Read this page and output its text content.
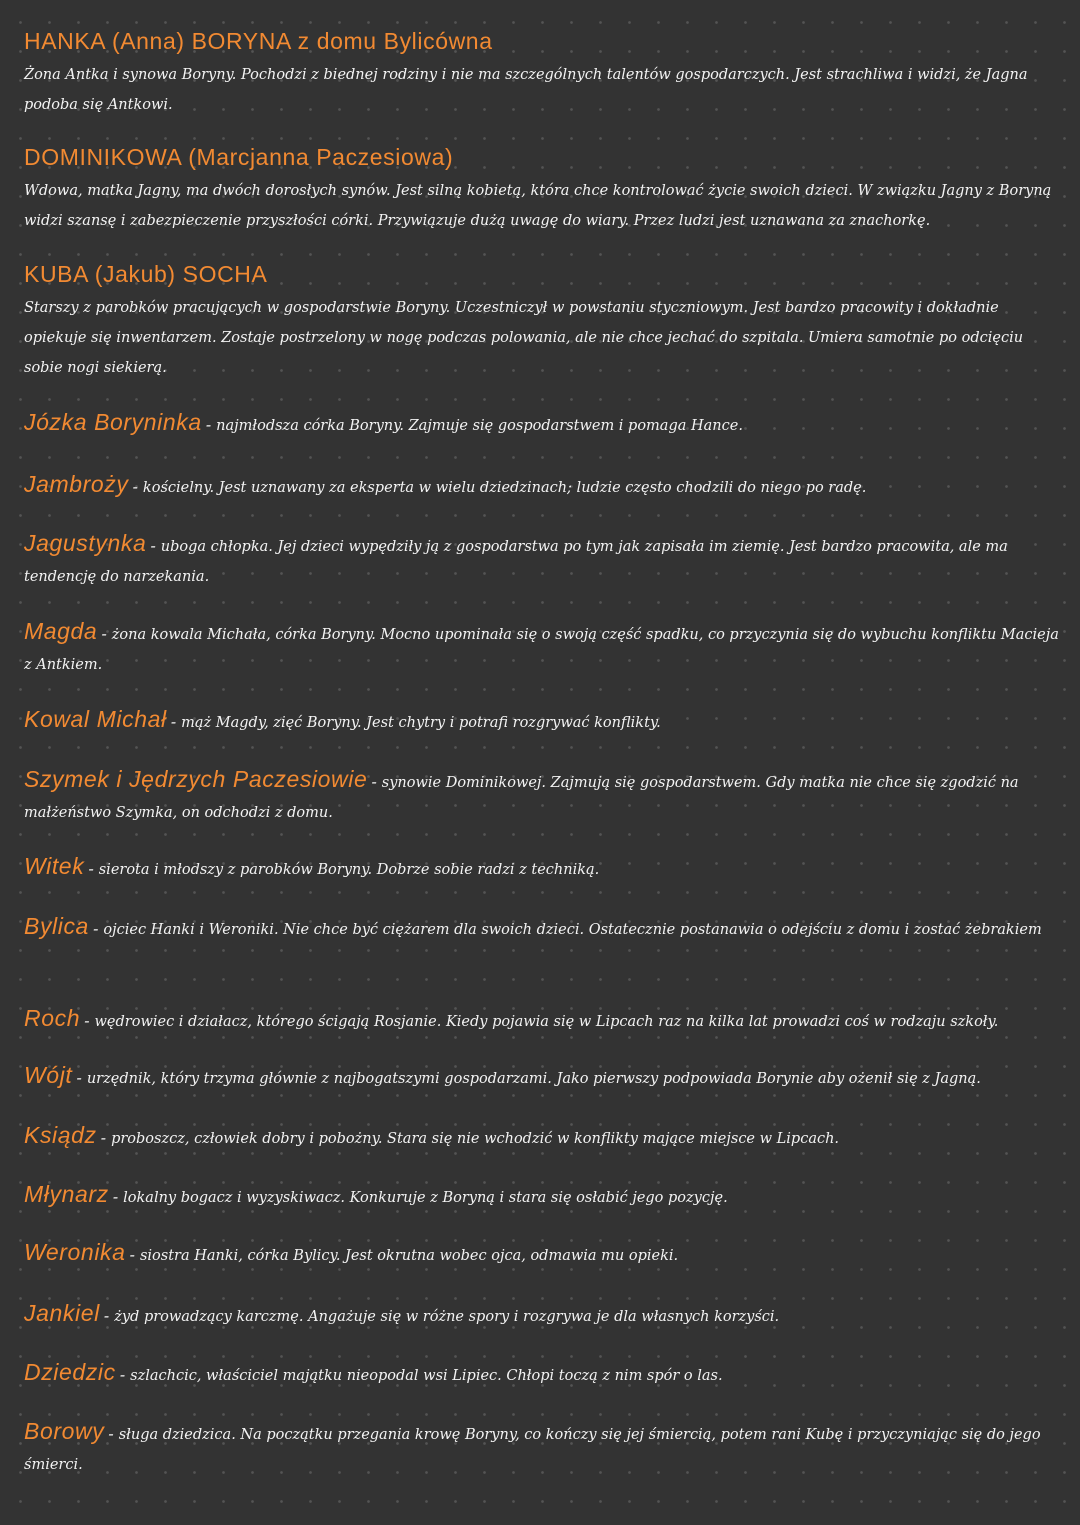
HANKA (Anna) BORYNA z domu Bylicówna
Żona Antka i synowa Boryny. Pochodzi z biednej rodziny i nie ma szczególnych talentów gospodarczych. Jest strachliwa i widzi, że Jagna podoba się Antkowi.
DOMINIKOWA (Marcjanna Paczesiowa)
Wdowa, matka Jagny, ma dwóch dorosłych synów. Jest silną kobietą, która chce kontrolować życie swoich dzieci. W związku Jagny z Boryną widzi szansę i zabezpieczenie przyszłości córki. Przywiązuje dużą uwagę do wiary. Przez ludzi jest uznawana za znachorkę.
KUBA (Jakub) SOCHA
Starszy z parobków pracujących w gospodarstwie Boryny. Uczestniczył w powstaniu styczniowym. Jest bardzo pracowity i dokładnie opiekuje się inwentarzem. Zostaje postrzelony w nogę podczas polowania, ale nie chce jechać do szpitala. Umiera samotnie po odcięciu sobie nogi siekierą.
Józka Boryninka - najmłodsza córka Boryny. Zajmuje się gospodarstwem i pomaga Hance.
Jambroży - kościelny. Jest uznawany za eksperta w wielu dziedzinach; ludzie często chodzili do niego po radę.
Jagustynka - uboga chłopka. Jej dzieci wypędziły ją z gospodarstwa po tym jak zapisała im ziemię. Jest bardzo pracowita, ale ma tendencję do narzekania.
Magda - żona kowala Michała, córka Boryny. Mocno upominała się o swoją część spadku, co przyczynia się do wybuchu konfliktu Macieja z Antkiem.
Kowal Michał - mąż Magdy, zięć Boryny. Jest chytry i potrafi rozgrywać konflikty.
Szymek i Jędrzych Paczesiowie - synowie Dominikowej. Zajmują się gospodarstwem. Gdy matka nie chce się zgodzić na małżeństwo Szymka, on odchodzi z domu.
Witek - sierota i młodszy z parobków Boryny. Dobrze sobie radzi z techniką.
Bylica - ojciec Hanki i Weroniki. Nie chce być ciężarem dla swoich dzieci. Ostatecznie postanawia o odejściu z domu i zostać żebrakiem
Roch - wędrowiec i działacz, którego ścigają Rosjanie. Kiedy pojawia się w Lipcach raz na kilka lat prowadzi coś w rodzaju szkoły.
Wójt - urzędnik, który trzyma głównie z najbogatszymi gospodarzami. Jako pierwszy podpowiada Borynie aby ożenił się z Jagną.
Ksiądz - proboszcz, człowiek dobry i pobożny. Stara się nie wchodzić w konflikty mające miejsce w Lipcach.
Młynarz - lokalny bogacz i wyzyskiwacz. Konkuruje z Boryną i stara się osłabić jego pozycję.
Weronika - siostra Hanki, córka Bylicy. Jest okrutna wobec ojca, odmawia mu opieki.
Jankiel - żyd prowadzący karczmę. Angażuje się w różne spory i rozgrywa je dla własnych korzyści.
Dziedzic - szlachcic, właściciel majątku nieopodal wsi Lipiec. Chłopi toczą z nim spór o las.
Borowy - sługa dziedzica. Na początku przegania krowę Boryny, co kończy się jej śmiercią, potem rani Kubę i przyczyniając się do jego śmierci.
